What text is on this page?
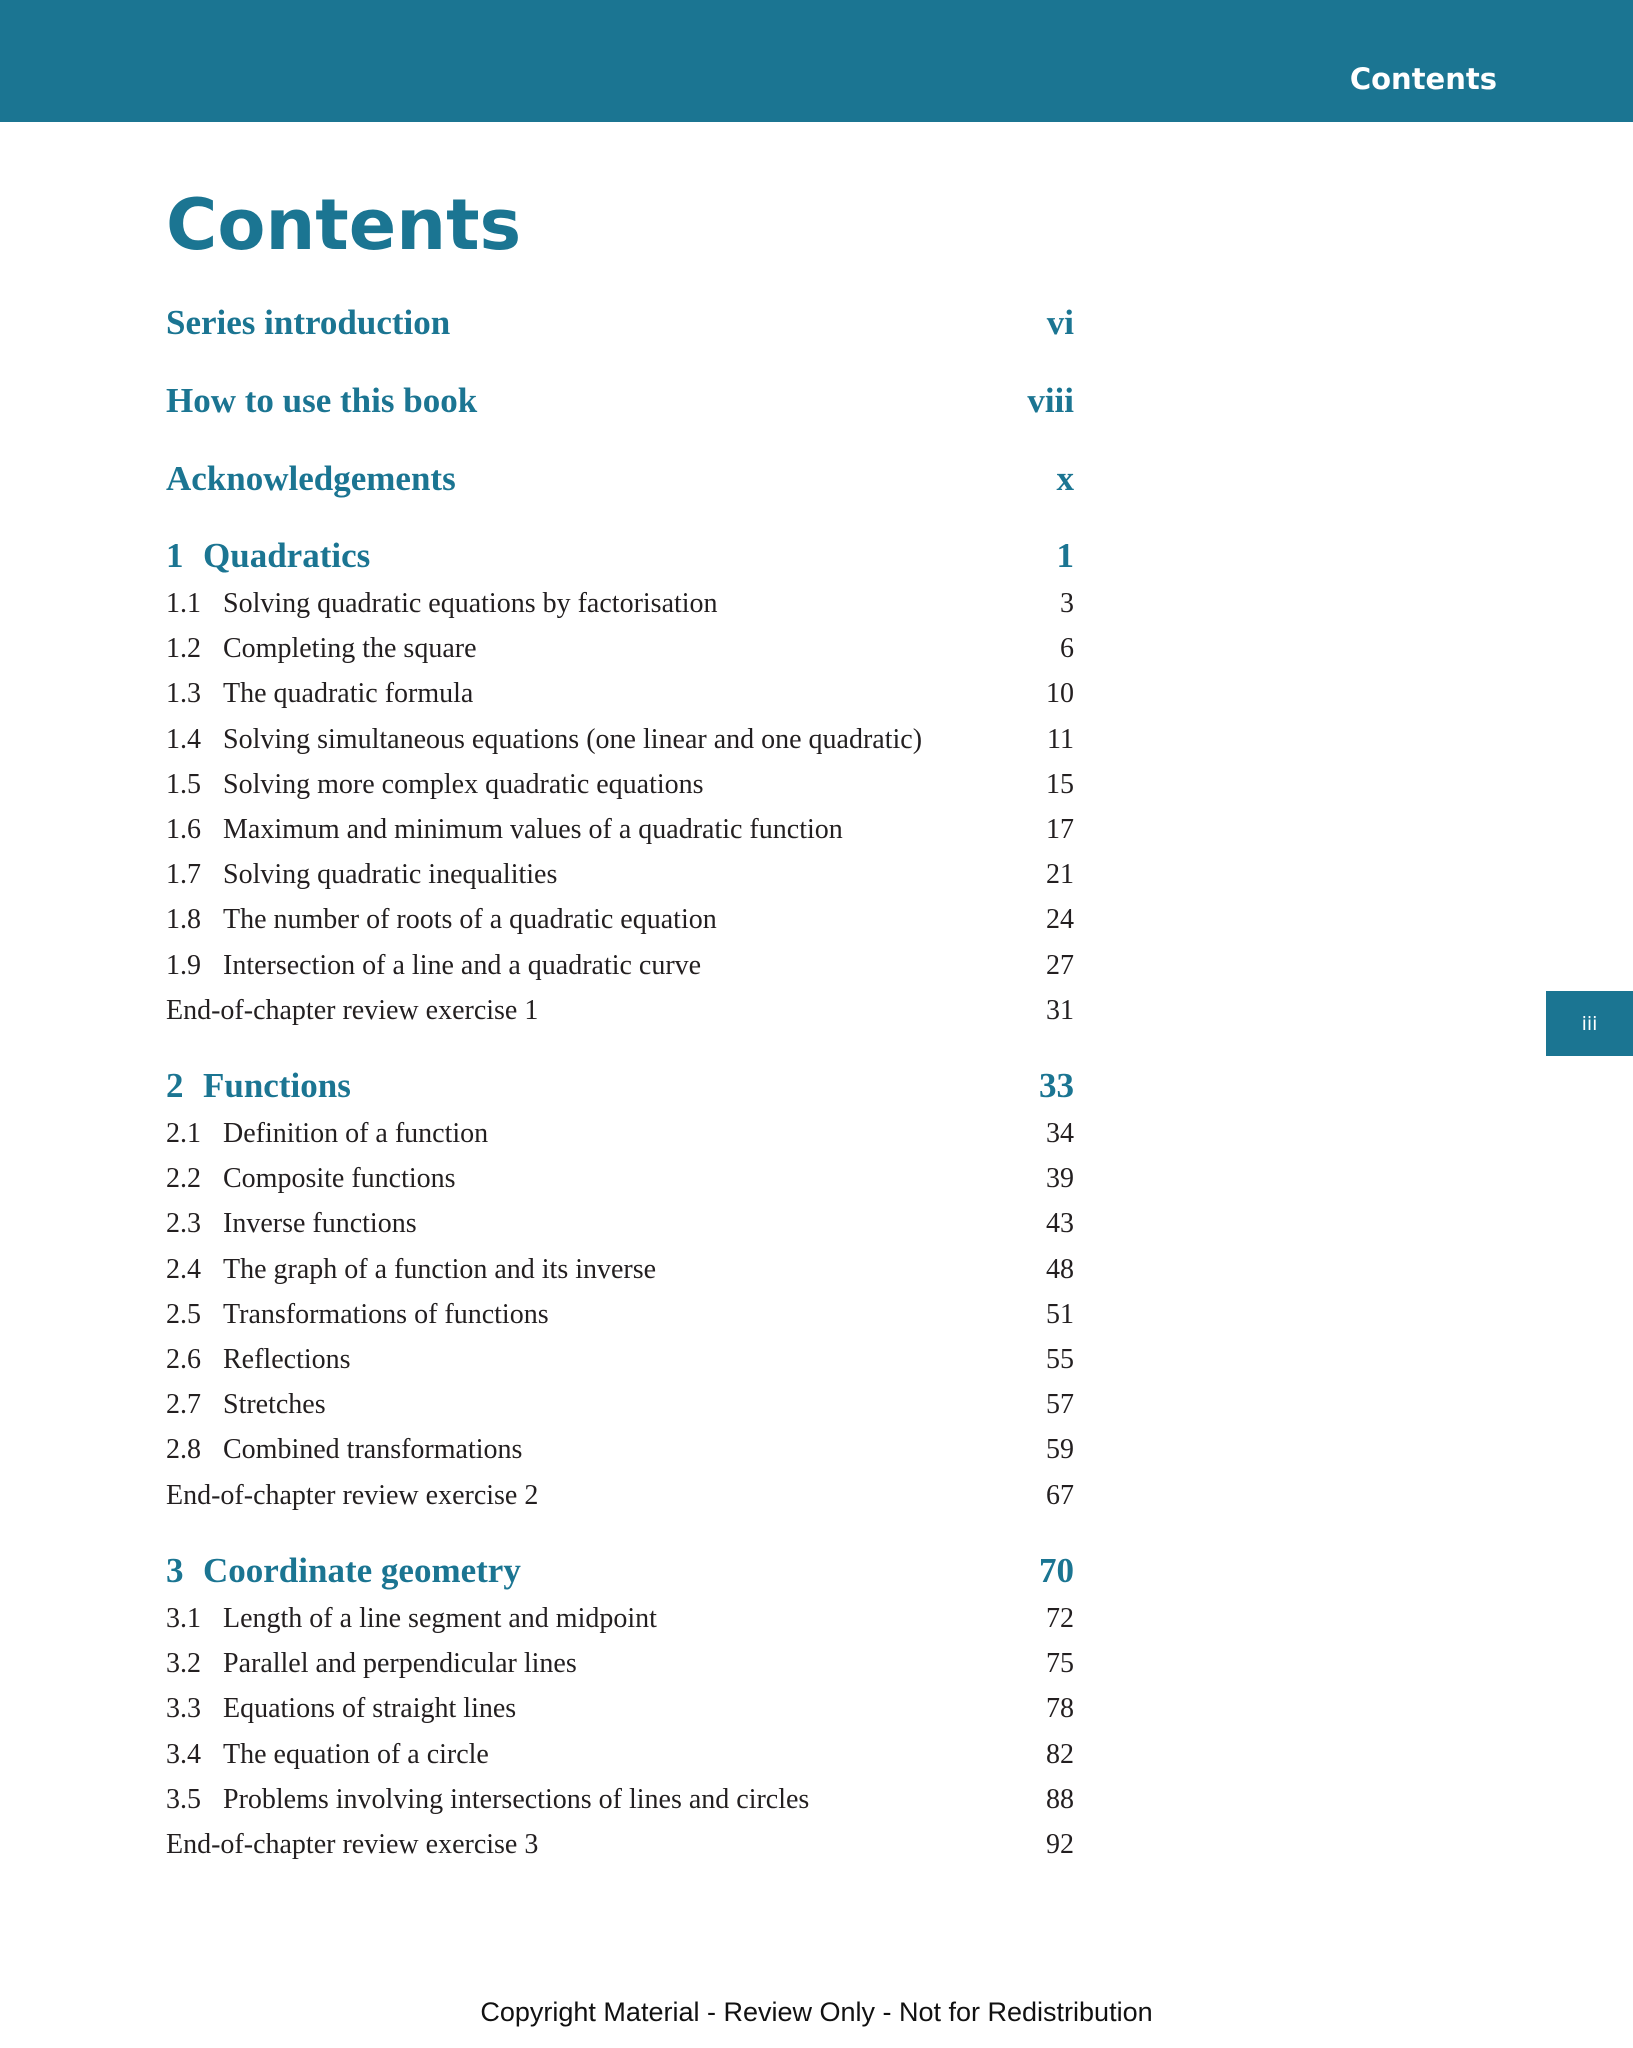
Contents
Contents
Series introduction	vi
How to use this book	viii
Acknowledgements	x
1 Quadratics	1
1.1 Solving quadratic equations by factorisation	3
1.2 Completing the square	6
1.3 The quadratic formula	10
1.4 Solving simultaneous equations (one linear and one quadratic)	11
1.5 Solving more complex quadratic equations	15
1.6 Maximum and minimum values of a quadratic function	17
1.7 Solving quadratic inequalities	21
1.8 The number of roots of a quadratic equation	24
1.9 Intersection of a line and a quadratic curve	27
End-of-chapter review exercise 1	31
2 Functions	33
2.1 Definition of a function	34
2.2 Composite functions	39
2.3 Inverse functions	43
2.4 The graph of a function and its inverse	48
2.5 Transformations of functions	51
2.6 Reflections	55
2.7 Stretches	57
2.8 Combined transformations	59
End-of-chapter review exercise 2	67
3 Coordinate geometry	70
3.1 Length of a line segment and midpoint	72
3.2 Parallel and perpendicular lines	75
3.3 Equations of straight lines	78
3.4 The equation of a circle	82
3.5 Problems involving intersections of lines and circles	88
End-of-chapter review exercise 3	92
iii
Copyright Material - Review Only - Not for Redistribution
